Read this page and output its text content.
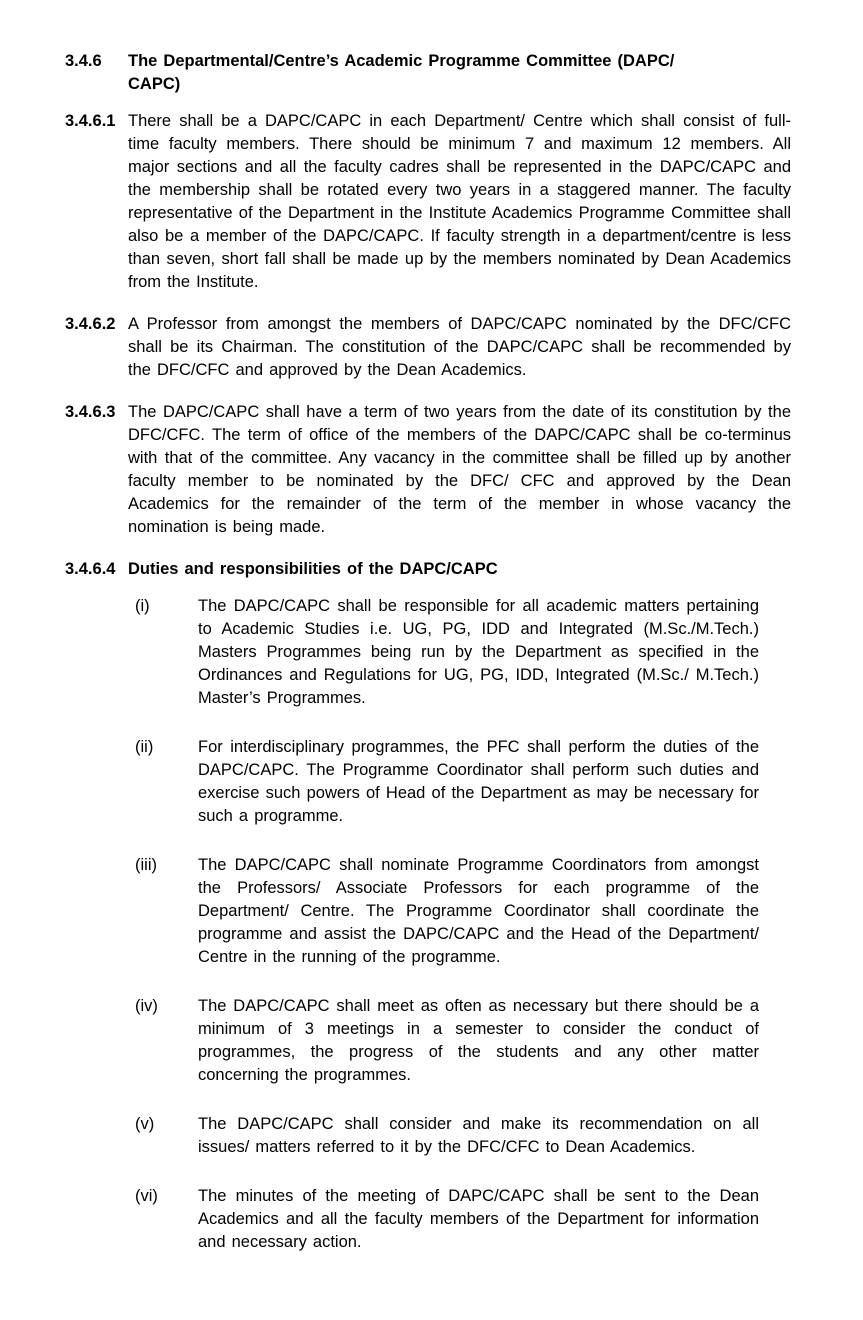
3.4.6	The Departmental/Centre’s Academic Programme Committee (DAPC/
CAPC)
3.4.6.1 There shall be a DAPC/CAPC in each Department/ Centre which shall consist of full-time faculty members. There should be minimum 7 and maximum 12 members. All major sections and all the faculty cadres shall be represented in the DAPC/CAPC and the membership shall be rotated every two years in a staggered manner. The faculty representative of the Department in the Institute Academics Programme Committee shall also be a member of the DAPC/CAPC. If faculty strength in a department/centre is less than seven, short fall shall be made up by the members nominated by Dean Academics from the Institute.
3.4.6.2 A Professor from amongst the members of DAPC/CAPC nominated by the DFC/CFC shall be its Chairman. The constitution of the DAPC/CAPC shall be recommended by the DFC/CFC and approved by the Dean Academics.
3.4.6.3 The DAPC/CAPC shall have a term of two years from the date of its constitution by the DFC/CFC. The term of office of the members of the DAPC/CAPC shall be co-terminus with that of the committee. Any vacancy in the committee shall be filled up by another faculty member to be nominated by the DFC/ CFC and approved by the Dean Academics for the remainder of the term of the member in whose vacancy the nomination is being made.
3.4.6.4 Duties and responsibilities of the DAPC/CAPC
(i)	The DAPC/CAPC shall be responsible for all academic matters pertaining to Academic Studies i.e. UG, PG, IDD and Integrated (M.Sc./M.Tech.) Masters Programmes being run by the Department as specified in the Ordinances and Regulations for UG, PG, IDD, Integrated (M.Sc./ M.Tech.) Master’s Programmes.
(ii)	For interdisciplinary programmes, the PFC shall perform the duties of the DAPC/CAPC. The Programme Coordinator shall perform such duties and exercise such powers of Head of the Department as may be necessary for such a programme.
(iii)	The DAPC/CAPC shall nominate Programme Coordinators from amongst the Professors/ Associate Professors for each programme of the Department/ Centre. The Programme Coordinator shall coordinate the programme and assist the DAPC/CAPC and the Head of the Department/ Centre in the running of the programme.
(iv)	The DAPC/CAPC shall meet as often as necessary but there should be a minimum of 3 meetings in a semester to consider the conduct of programmes, the progress of the students and any other matter concerning the programmes.
(v)	The DAPC/CAPC shall consider and make its recommendation on all issues/ matters referred to it by the DFC/CFC to Dean Academics.
(vi)	The minutes of the meeting of DAPC/CAPC shall be sent to the Dean Academics and all the faculty members of the Department for information and necessary action.
